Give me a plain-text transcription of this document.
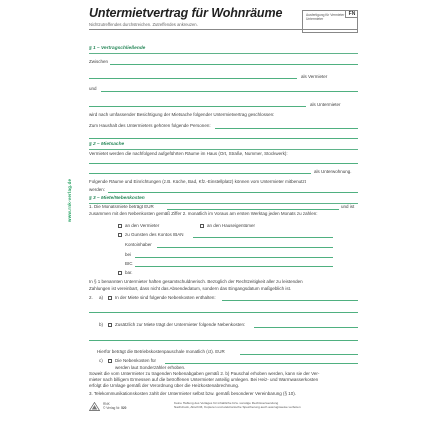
Untermietvertrag für Wohnräume
Nichtzutreffendes durchstreichen. Zutreffendes ankreuzen.
Ausfertigung für Vermieter Untermieter
FN
www.rnk-verlag.de
§ 1 – Vertragschließende
Zwischen
als Vermieter
und
als Untermieter
wird nach umfassender Besichtigung der Mietsache folgender Untermietvertrag geschlossen:
Zum Haushalt des Untermieters gehören folgende Personen:
§ 2 – Mietsache
Vermietet werden die nachfolgend aufgeführten Räume im Haus (Ort, Straße, Nummer, Stockwerk):
als Unterwohnung.
Folgende Räume und Einrichtungen (z.B. Küche, Bad, Kfz.-Einstellplatz) können vom Untermieter mitbenutzt
werden:
§ 3 – Miete/Nebenkosten
1. Die Monatsmiete beträgt EUR	und ist
zusammen mit den Nebenkosten gemäß Ziffer 2. monatlich im Voraus am ersten Werktag jeden Monats zu zahlen:
an den Vermieter	an den Hauseigentümer
zu Gunsten des Kontos IBAN
Kontoinhaber
bei
BIC
bar.
In § 1 benannten Untermieter haften gesamtschuldnerisch. Bezüglich der Rechtzeitigkeit aller zu leistenden
Zahlungen ist vereinbart, dass nicht das Absendedatum, sondern das Eingangsdatum maßgeblich ist.
2. a)	In der Miete sind folgende Nebenkosten enthalten:
b)	Zusätzlich zur Miete trägt der Untermieter folgende Nebenkosten:
Hierfür beträgt die Betriebskostenpauschale monatlich (ct). EUR
c)	Die Nebenkosten für
werden laut Sonderzähler erhoben.
Soweit die vom Untermieter zu tragenden Nebenabgaben gemäß 2. b) Pauschal erhoben werden, kann sie der Ver-
mieter nach billigem Ermessen auf die betroffenen Untermieter anteilig umlegen. Bei Heiz- und Warmwasserkosten
erfolgt die Umlage gemäß der Verordnung über die Heizkostenabrechnung.
3. Telekommunikationskosten zahlt der Untermieter selbst bzw. gemäß besonderer Vereinbarung (§ 10).
RNK
© Verlag Nr. 520
Keine Haftung des Verlages für inhaltliche bzw. sonstige Rechtsverwendung
Nachdruck, Abschrift, Kopieren und elektronische Speicherung auch auszugsweise verboten
